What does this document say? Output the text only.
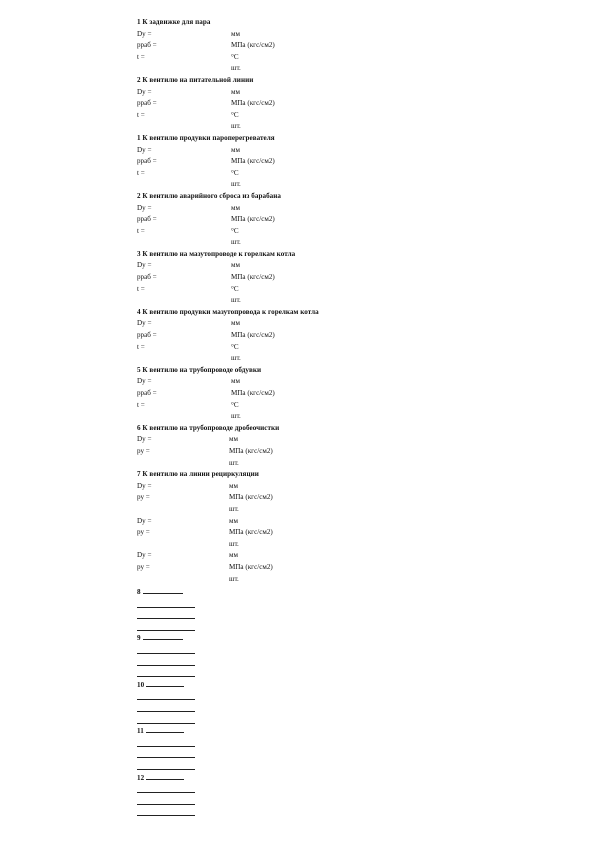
1 К задвижке для пара
Dу =	мм
рраб =	МПа (кгс/см2)
t =	°С
шт.
2 К вентилю на питательной линии
Dу =	мм
рраб =	МПа (кгс/см2)
t =	°С
шт.
1 К вентилю продувки пароперегревателя
Dу =	мм
рраб =	МПа (кгс/см2)
t =	°С
шт.
2 К вентилю аварийного сброса из барабана
Dу =	мм
рраб =	МПа (кгс/см2)
t =	°С
шт.
3 К вентилю на мазутопроводе к горелкам котла
Dу =	мм
рраб =	МПа (кгс/см2)
t =	°С
шт.
4 К вентилю продувки мазутопровода к горелкам котла
Dу =	мм
рраб =	МПа (кгс/см2)
t =	°С
шт.
5 К вентилю на трубопроводе обдувки
Dу =	мм
рраб =	МПа (кгс/см2)
t =	°С
шт.
6 К вентилю на трубопроводе дробеочистки
Dу =	мм
ру =	МПа (кгс/см2)
шт.
7 К вентилю на линии рециркуляции
Dу =	мм
ру =	МПа (кгс/см2)
шт.
Dу =	мм
ру =	МПа (кгс/см2)
шт.
Dу =	мм
ру =	МПа (кгс/см2)
шт.
8
9
10
11
12
